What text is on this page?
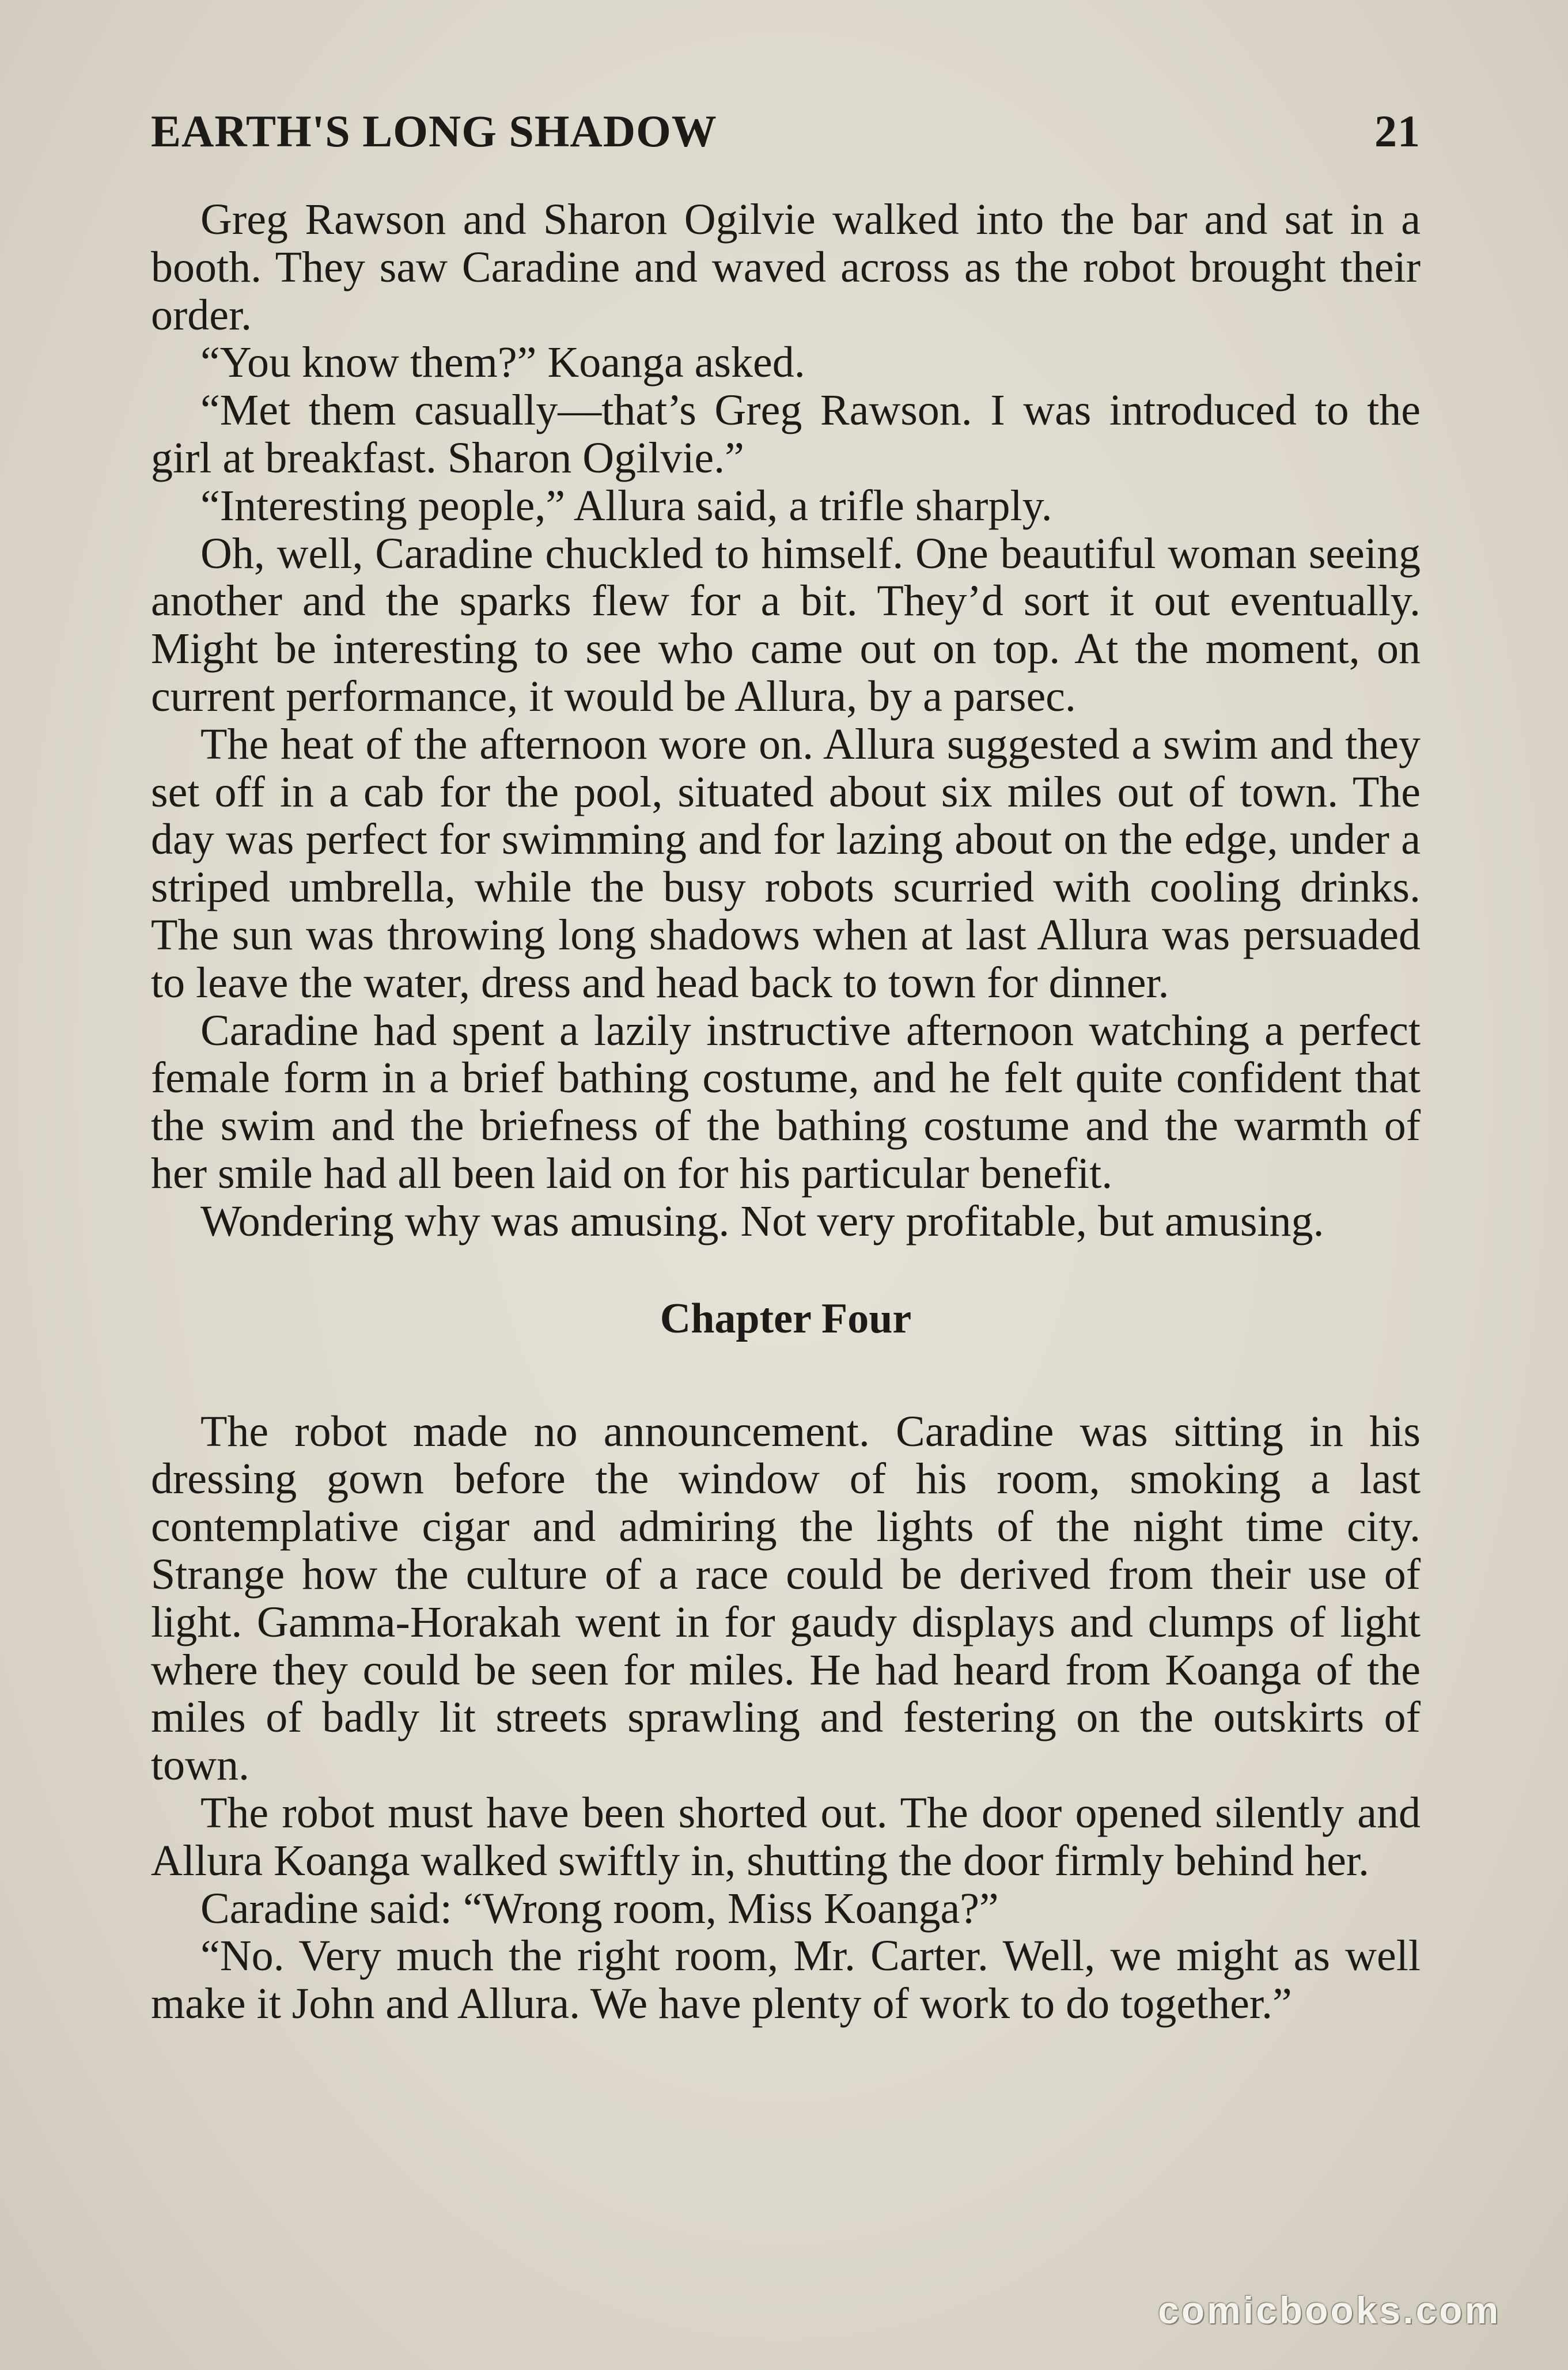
EARTH'S LONG SHADOW	21

Greg Rawson and Sharon Ogilvie walked into the bar and sat in a booth. They saw Caradine and waved across as the robot brought their order.

“You know them?” Koanga asked.

“Met them casually—that’s Greg Rawson. I was introduced to the girl at breakfast. Sharon Ogilvie.”

“Interesting people,” Allura said, a trifle sharply.

Oh, well, Caradine chuckled to himself. One beautiful woman seeing another and the sparks flew for a bit. They’d sort it out eventually. Might be interesting to see who came out on top. At the moment, on current performance, it would be Allura, by a parsec.

The heat of the afternoon wore on. Allura suggested a swim and they set off in a cab for the pool, situated about six miles out of town. The day was perfect for swimming and for lazing about on the edge, under a striped umbrella, while the busy robots scurried with cooling drinks. The sun was throwing long shadows when at last Allura was persuaded to leave the water, dress and head back to town for dinner.

Caradine had spent a lazily instructive afternoon watching a perfect female form in a brief bathing costume, and he felt quite confident that the swim and the briefness of the bathing costume and the warmth of her smile had all been laid on for his particular benefit.

Wondering why was amusing. Not very profitable, but amusing.

Chapter Four

The robot made no announcement. Caradine was sitting in his dressing gown before the window of his room, smoking a last contemplative cigar and admiring the lights of the night time city. Strange how the culture of a race could be derived from their use of light. Gamma-Horakah went in for gaudy displays and clumps of light where they could be seen for miles. He had heard from Koanga of the miles of badly lit streets sprawling and festering on the outskirts of town.

The robot must have been shorted out. The door opened silently and Allura Koanga walked swiftly in, shutting the door firmly behind her.

Caradine said: “Wrong room, Miss Koanga?”

“No. Very much the right room, Mr. Carter. Well, we might as well make it John and Allura. We have plenty of work to do together.”

comicbooks.com
